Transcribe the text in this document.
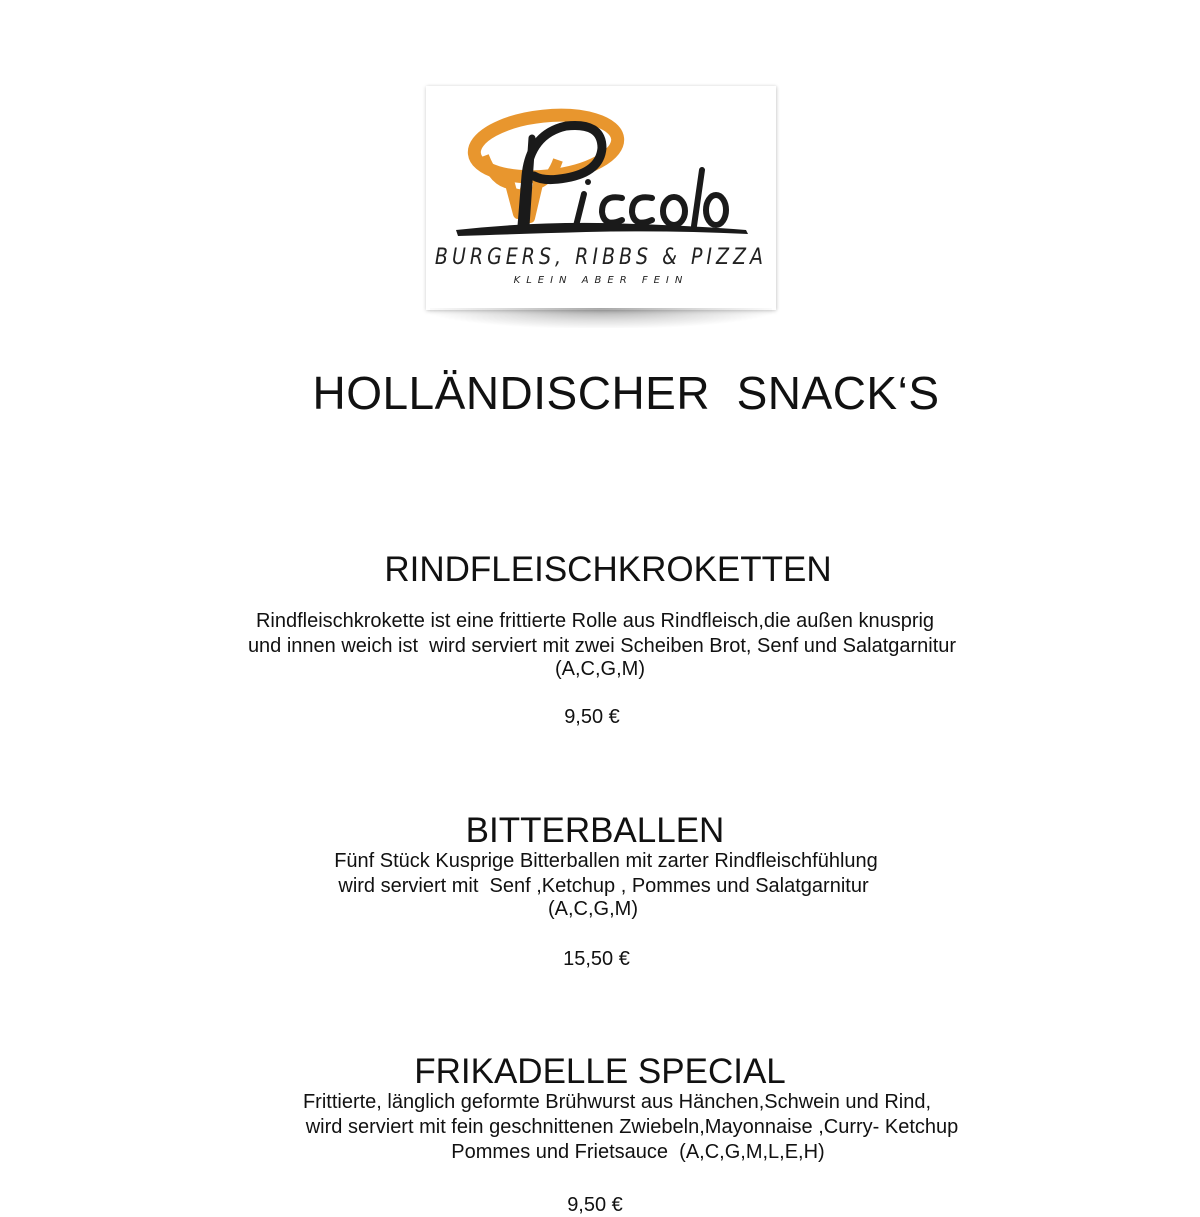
BURGERS, RIBBS & PIZZA
KLEIN ABER FEIN
HOLLÄNDISCHER  SNACK‘S
RINDFLEISCHKROKETTEN

Rindfleischkrokette ist eine frittierte Rolle aus Rindfleisch,die außen knusprig

und innen weich ist  wird serviert mit zwei Scheiben Brot, Senf und Salatgarnitur

(A,C,G,M)
9,50 €
BITTERBALLEN

Fünf Stück Kusprige Bitterballen mit zarter Rindfleischfühlung

wird serviert mit  Senf ,Ketchup , Pommes und Salatgarnitur

(A,C,G,M)
15,50 €
FRIKADELLE SPECIAL

Frittierte, länglich geformte Brühwurst aus Hänchen,Schwein und Rind,

wird serviert mit fein geschnittenen Zwiebeln,Mayonnaise ,Curry- Ketchup

Pommes und Frietsauce  (A,C,G,M,L,E,H)

9,50 €
